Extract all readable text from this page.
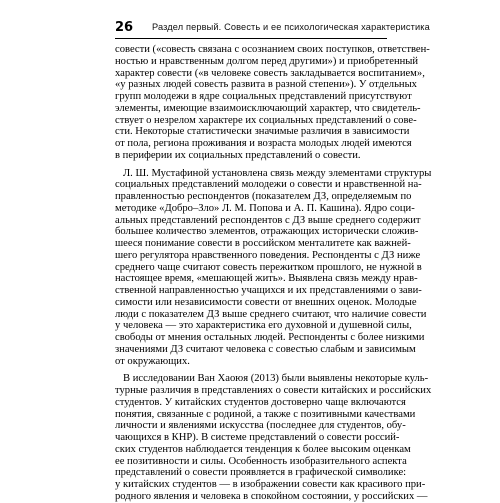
26 Раздел первый. Совесть и ее психологическая характеристика
совести («совесть связана с осознанием своих поступков, ответствен-
ностью и нравственным долгом перед другими») и приобретенный
характер совести («в человеке совесть закладывается воспитанием»,
«у разных людей совесть развита в разной степени»). У отдельных
групп молодежи в ядре социальных представлений присутствуют
элементы, имеющие взаимоисключающий характер, что свидетель-
ствует о незрелом характере их социальных представлений о сове-
сти. Некоторые статистически значимые различия в зависимости
от пола, региона проживания и возраста молодых людей имеются
в периферии их социальных представлений о совести.
Л. Ш. Мустафиной установлена связь между элементами структуры
социальных представлений молодежи о совести и нравственной на-
правленностью респондентов (показателем ДЗ, определяемым по
методике «Добро–Зло» Л. М. Попова и А. П. Кашина). Ядро соци-
альных представлений респондентов с ДЗ выше среднего содержит
большее количество элементов, отражающих исторически сложив-
шееся понимание совести в российском менталитете как важней-
шего регулятора нравственного поведения. Респонденты с ДЗ ниже
среднего чаще считают совесть пережитком прошлого, не нужной в
настоящее время, «мешающей жить». Выявлена связь между нрав-
ственной направленностью учащихся и их представлениями о зави-
симости или независимости совести от внешних оценок. Молодые
люди с показателем ДЗ выше среднего считают, что наличие совести
у человека — это характеристика его духовной и душевной силы,
свободы от мнения остальных людей. Респонденты с более низкими
значениями ДЗ считают человека с совестью слабым и зависимым
от окружающих.
В исследовании Ван Хаоюя (2013) были выявлены некоторые куль-
турные различия в представлениях о совести китайских и российских
студентов. У китайских студентов достоверно чаще включаются
понятия, связанные с родиной, а также с позитивными качествами
личности и явлениями искусства (последнее для студентов, обу-
чающихся в КНР). В системе представлений о совести россий-
ских студентов наблюдается тенденция к более высоким оценкам
ее позитивности и силы. Особенность изобразительного аспекта
представлений о совести проявляется в графической символике:
у китайских студентов — в изображении совести как красивого при-
родного явления и человека в спокойном состоянии, у российских —
